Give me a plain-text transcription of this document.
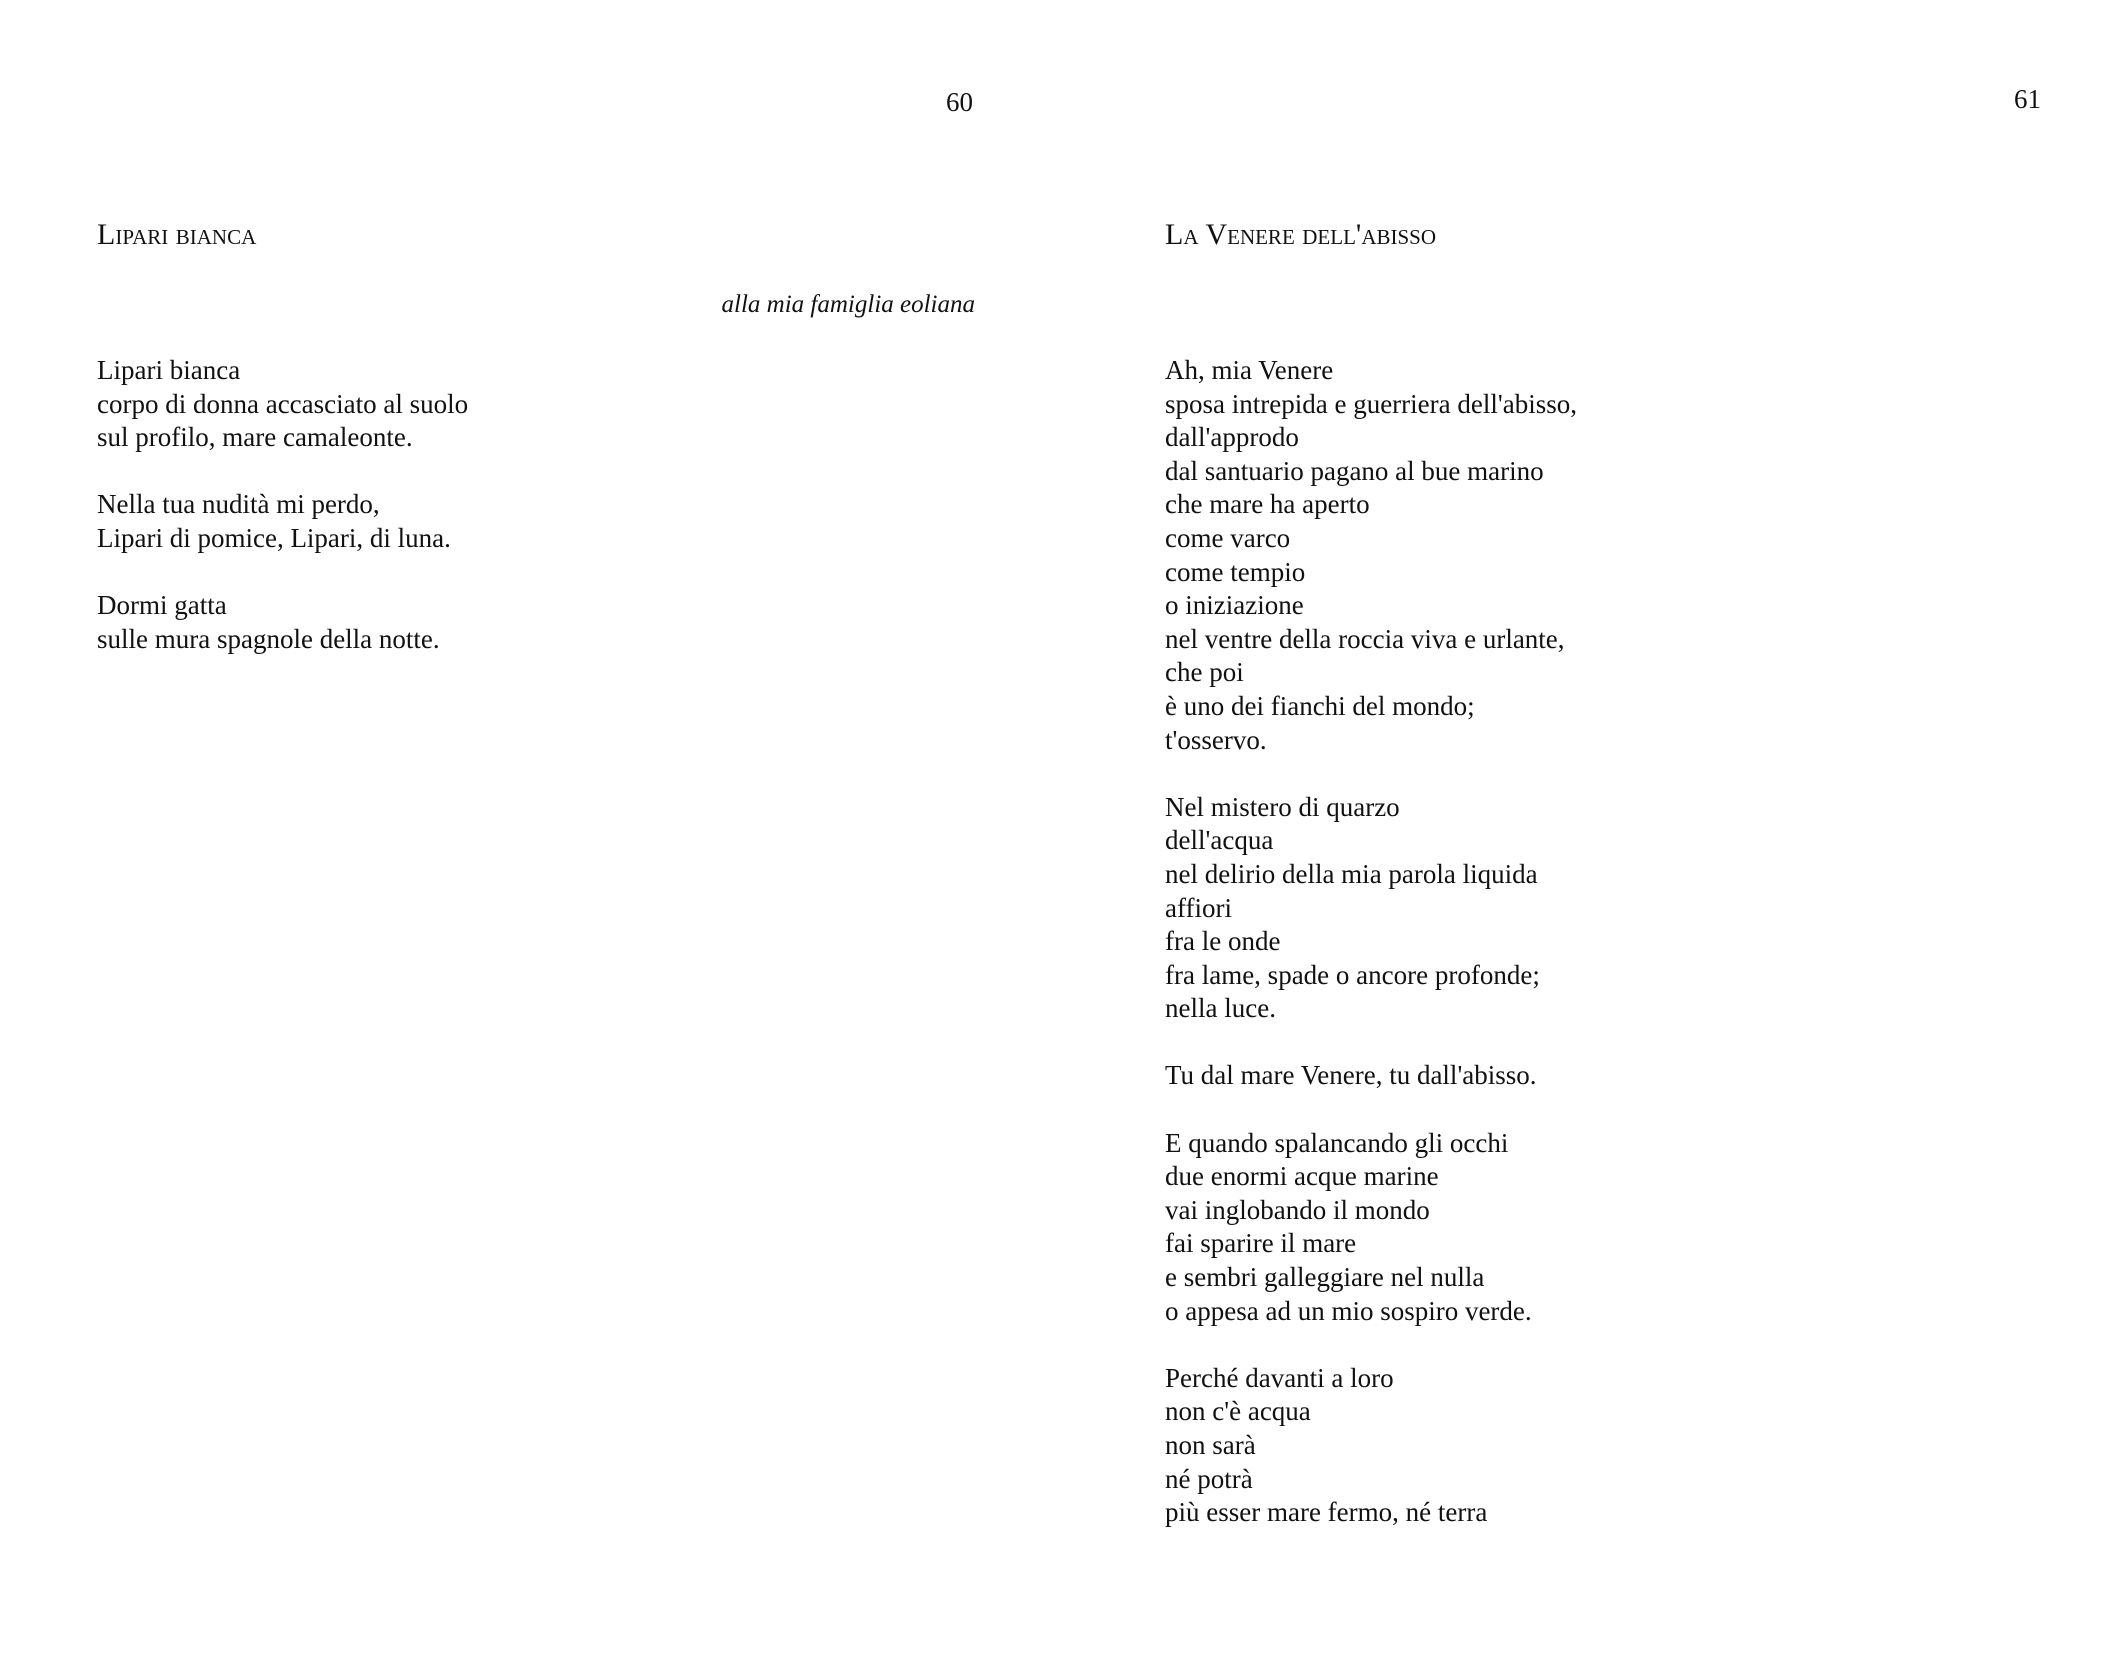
60	61
Lipari bianca
alla mia famiglia eoliana
Lipari bianca
corpo di donna accasciato al suolo
sul profilo, mare camaleonte.
Nella tua nudità mi perdo,
Lipari di pomice, Lipari, di luna.
Dormi gatta
sulle mura spagnole della notte.
La Venere dell'abisso
Ah, mia Venere
sposa intrepida e guerriera dell'abisso,
dall'approdo
dal santuario pagano al bue marino
che mare ha aperto
come varco
come tempio
o iniziazione
nel ventre della roccia viva e urlante,
che poi
è uno dei fianchi del mondo;
t'osservo.
Nel mistero di quarzo
dell'acqua
nel delirio della mia parola liquida
affiori
fra le onde
fra lame, spade o ancore profonde;
nella luce.
Tu dal mare Venere, tu dall'abisso.
E quando spalancando gli occhi
due enormi acque marine
vai inglobando il mondo
fai sparire il mare
e sembri galleggiare nel nulla
o appesa ad un mio sospiro verde.
Perché davanti a loro
non c'è acqua
non sarà
né potrà
più esser mare fermo, né terra
